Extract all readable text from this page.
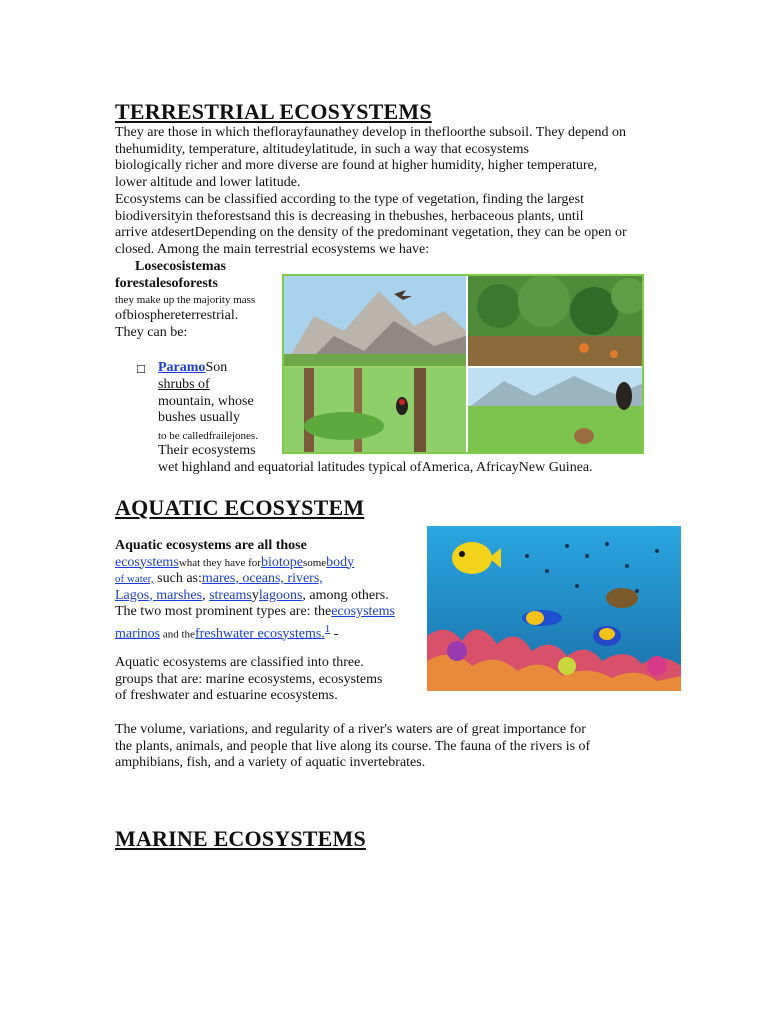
TERRESTRIAL ECOSYSTEMS
They are those in which theflorayfaunathey develop in thefloorthe subsoil. They depend on
thehumidity, temperature, altitudeylatitude, in such a way that ecosystems
biologically richer and more diverse are found at higher humidity, higher temperature,
lower altitude and lower latitude.
Ecosystems can be classified according to the type of vegetation, finding the largest
biodiversityin theforestsand this is decreasing in thebushes, herbaceous plants, until
arrive atdesertDepending on the density of the predominant vegetation, they can be open or
closed. Among the main terrestrial ecosystems we have:
Losecosistemas
forestalesoforests
they make up the majority mass
ofbiosphereterrestrial.
They can be:
☐ ParamoSon
shrubs of
mountain, whose
bushes usually
to be calledfrailejones.
Their ecosystems
wet highland and equatorial latitudes typical ofAmerica, AfricayNew Guinea.
AQUATIC ECOSYSTEM
Aquatic ecosystems are all those
ecosystemswhat they have forbiotopesomebody
of water, such as:mares, oceans, rivers,
Lagos, marshes, streamsylagoons, among others.
The two most prominent types are: theecosystems
marinos and thefreshwater ecosystems.$^1$ -
Aquatic ecosystems are classified into three.
groups that are: marine ecosystems, ecosystems
of freshwater and estuarine ecosystems.
The volume, variations, and regularity of a river's waters are of great importance for
the plants, animals, and people that live along its course. The fauna of the rivers is of
amphibians, fish, and a variety of aquatic invertebrates.
MARINE ECOSYSTEMS
